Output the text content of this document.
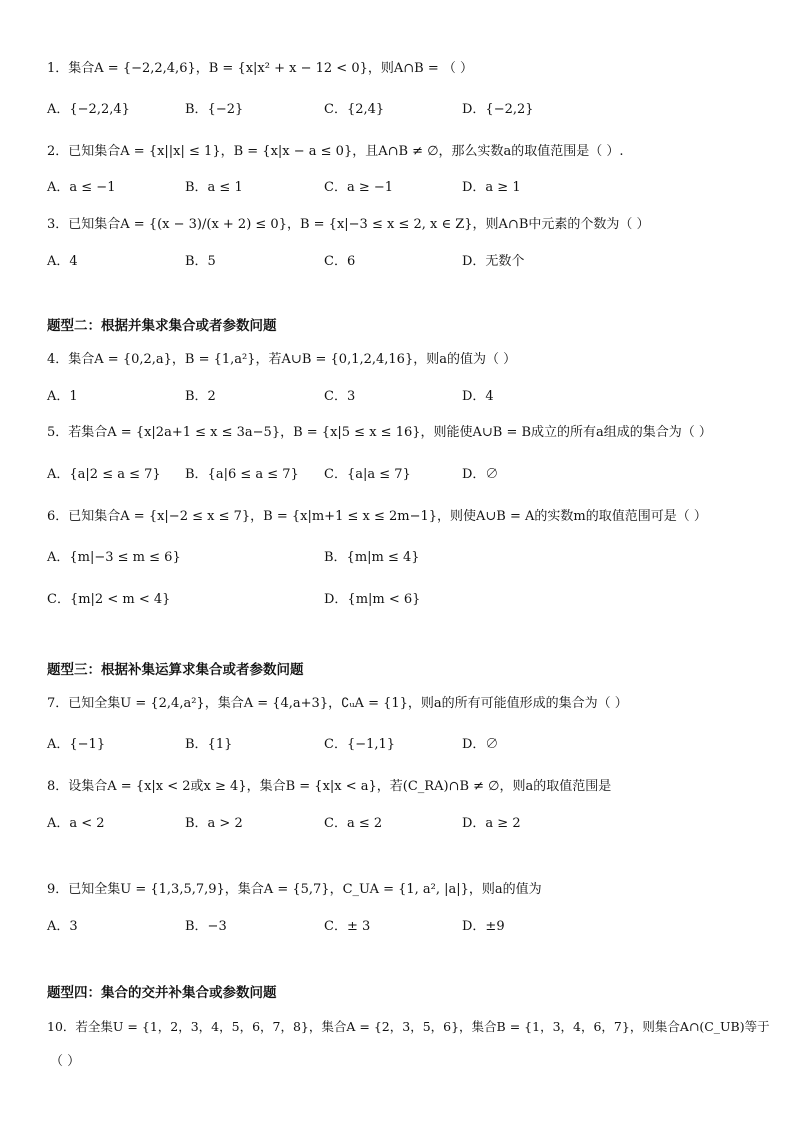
1．集合A = {−2,2,4,6}，B = {x|x² + x − 12 < 0}，则A∩B = （ ）
A．{−2,2,4}	B．{−2}	C．{2,4}	D．{−2,2}
2．已知集合A = {x||x| ≤ 1}，B = {x|x − a ≤ 0}，且A∩B ≠ ∅，那么实数a的取值范围是（ ）.
A．a ≤ −1	B．a ≤ 1	C．a ≥ −1	D．a ≥ 1
3．已知集合A = {(x − 3)/(x + 2) ≤ 0}，B = {x|−3 ≤ x ≤ 2, x ∈ Z}，则A∩B中元素的个数为（ ）
A．4	B．5	C．6	D．无数个
题型二：根据并集求集合或者参数问题
4．集合A = {0,2,a}，B = {1,a²}，若A∪B = {0,1,2,4,16}，则a的值为（ ）
A．1	B．2	C．3	D．4
5．若集合A = {x|2a+1 ≤ x ≤ 3a−5}，B = {x|5 ≤ x ≤ 16}，则能使A∪B = B成立的所有a组成的集合为（ ）
A．{a|2 ≤ a ≤ 7} B．{a|6 ≤ a ≤ 7} C．{a|a ≤ 7}	D．∅
6．已知集合A = {x|−2 ≤ x ≤ 7}，B = {x|m+1 ≤ x ≤ 2m−1}，则使A∪B = A的实数m的取值范围可是（ ）
A．{m|−3 ≤ m ≤ 6}	B．{m|m ≤ 4}
C．{m|2 < m < 4}	D．{m|m < 6}
题型三：根据补集运算求集合或者参数问题
7．已知全集U = {2,4,a²}，集合A = {4,a+3}，∁ᵤA = {1}，则a的所有可能值形成的集合为（ ）
A．{−1}	B．{1}	C．{−1,1}	D．∅
8．设集合A = {x|x < 2或x ≥ 4}，集合B = {x|x < a}，若(C_RA)∩B ≠ ∅，则a的取值范围是
A．a < 2	B．a > 2	C．a ≤ 2	D．a ≥ 2
9．已知全集U = {1,3,5,7,9}，集合A = {5,7}，C_UA = {1, a², |a|}，则a的值为
A．3	B．−3	C．± 3	D．±9
题型四：集合的交并补集合或参数问题
10．若全集U = {1，2，3，4，5，6，7，8}，集合A = {2，3，5，6}，集合B = {1，3，4，6，7}，则集合A∩(C_UB)等于
（ ）
